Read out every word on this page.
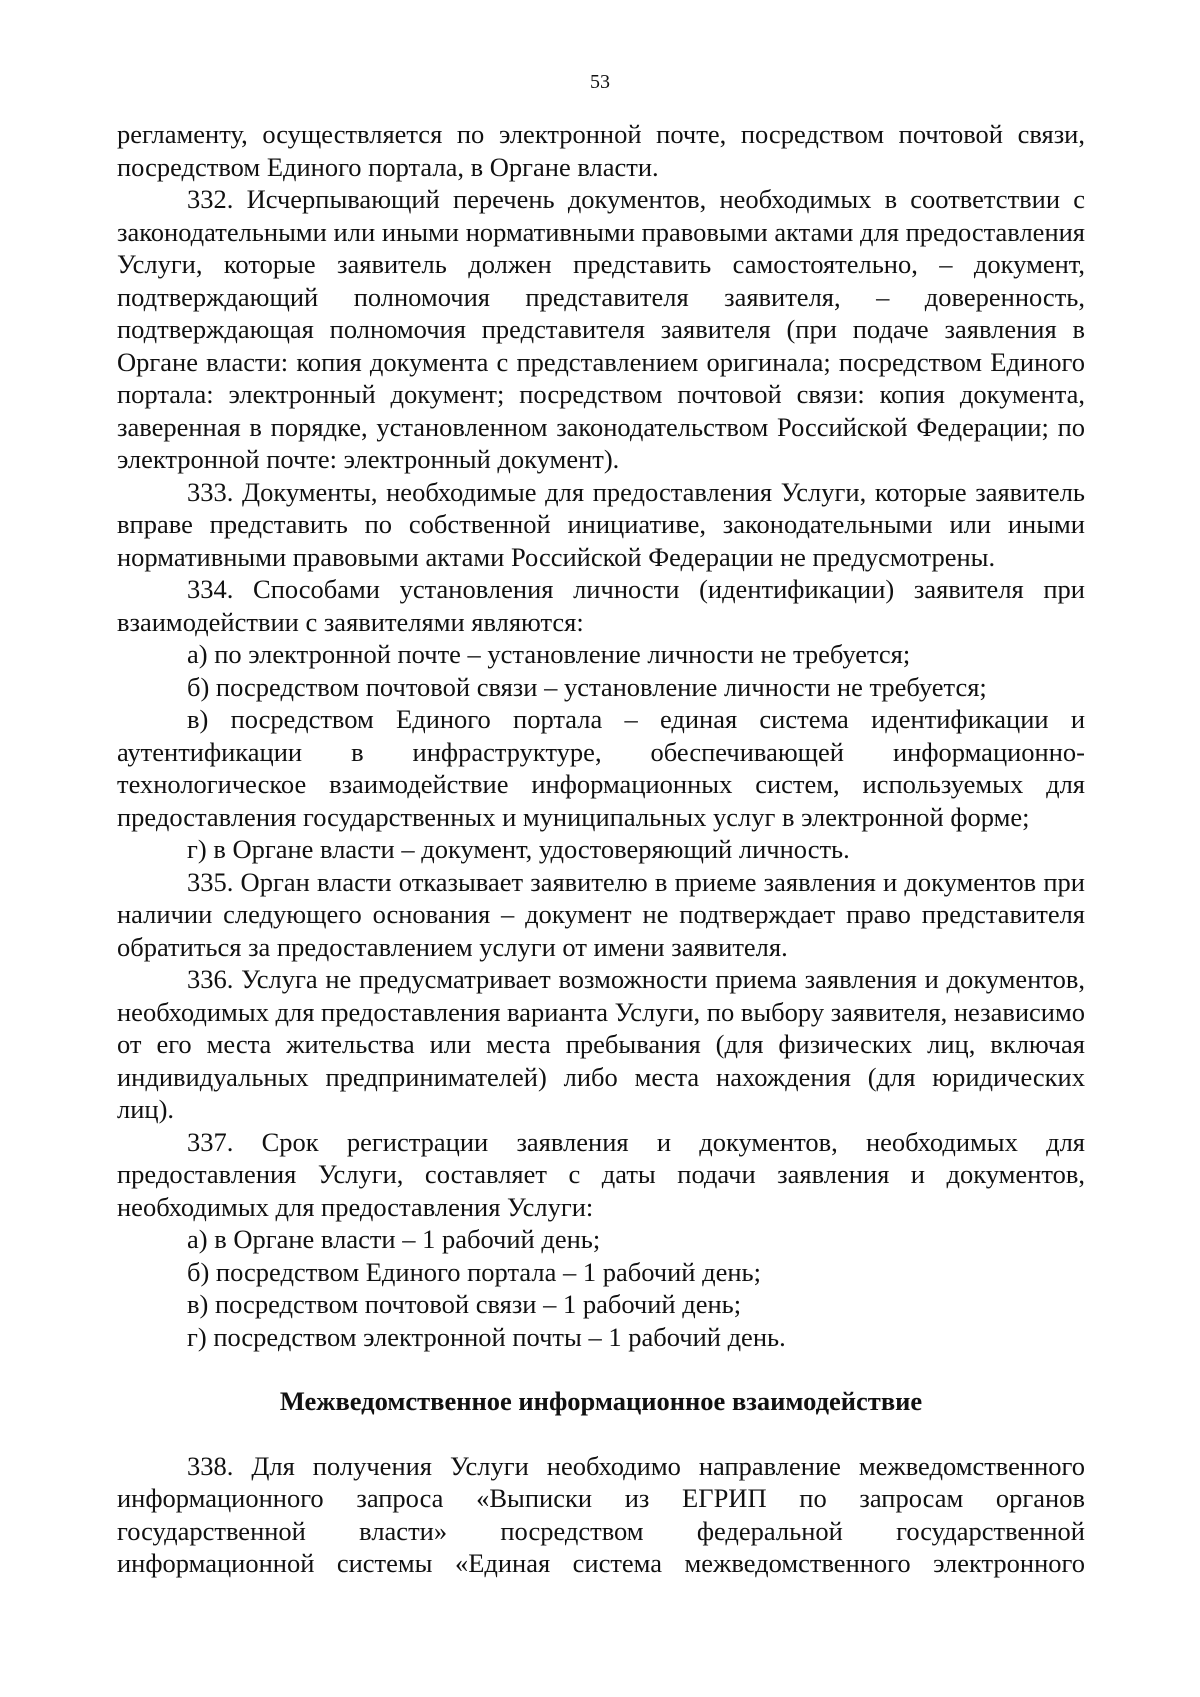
53

регламенту, осуществляется по электронной почте, посредством почтовой связи, посредством Единого портала, в Органе власти.

332. Исчерпывающий перечень документов, необходимых в соответствии с законодательными или иными нормативными правовыми актами для предоставления Услуги, которые заявитель должен представить самостоятельно, – документ, подтверждающий полномочия представителя заявителя, – доверенность, подтверждающая полномочия представителя заявителя (при подаче заявления в Органе власти: копия документа с представлением оригинала; посредством Единого портала: электронный документ; посредством почтовой связи: копия документа, заверенная в порядке, установленном законодательством Российской Федерации; по электронной почте: электронный документ).

333. Документы, необходимые для предоставления Услуги, которые заявитель вправе представить по собственной инициативе, законодательными или иными нормативными правовыми актами Российской Федерации не предусмотрены.

334. Способами установления личности (идентификации) заявителя при взаимодействии с заявителями являются:

а) по электронной почте – установление личности не требуется;

б) посредством почтовой связи – установление личности не требуется;

в) посредством Единого портала – единая система идентификации и аутентификации в инфраструктуре, обеспечивающей информационно-технологическое взаимодействие информационных систем, используемых для предоставления государственных и муниципальных услуг в электронной форме;

г) в Органе власти – документ, удостоверяющий личность.

335. Орган власти отказывает заявителю в приеме заявления и документов при наличии следующего основания – документ не подтверждает право представителя обратиться за предоставлением услуги от имени заявителя.

336. Услуга не предусматривает возможности приема заявления и документов, необходимых для предоставления варианта Услуги, по выбору заявителя, независимо от его места жительства или места пребывания (для физических лиц, включая индивидуальных предпринимателей) либо места нахождения (для юридических лиц).

337. Срок регистрации заявления и документов, необходимых для предоставления Услуги, составляет с даты подачи заявления и документов, необходимых для предоставления Услуги:

а) в Органе власти – 1 рабочий день;

б) посредством Единого портала – 1 рабочий день;

в) посредством почтовой связи – 1 рабочий день;

г) посредством электронной почты – 1 рабочий день.

Межведомственное информационное взаимодействие

338. Для получения Услуги необходимо направление межведомственного информационного запроса «Выписки из ЕГРИП по запросам органов государственной власти» посредством федеральной государственной информационной системы «Единая система межведомственного электронного
